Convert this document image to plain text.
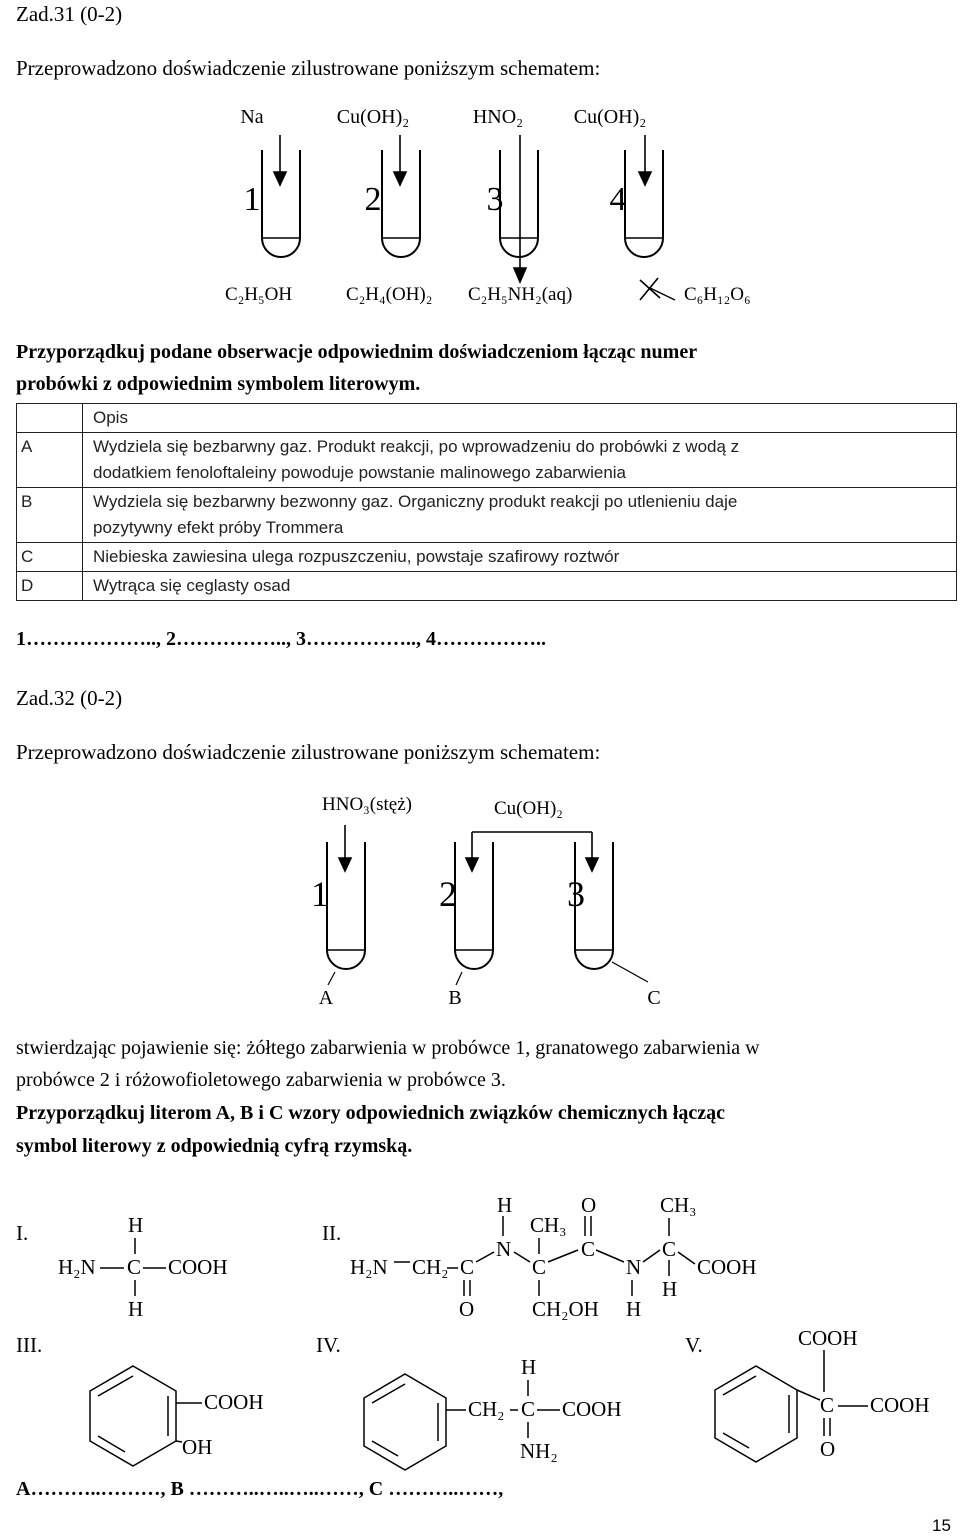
Zad.31 (0-2)
Przeprowadzono doświadczenie zilustrowane poniższym schematem:
Na	Cu(OH)₂	HNO₂	Cu(OH)₂
1	2	3	4
C₂H₅OH	C₂H₄(OH)₂ C₂H₅NH₂(aq)	C₆H₁₂O₆
Przyporządkuj podane obserwacje odpowiednim doświadczeniom łącząc numer
probówki z odpowiednim symbolem literowym.
	Opis
A	Wydziela się bezbarwny gaz. Produkt reakcji, po wprowadzeniu do probówki z wodą z
dodatkiem fenoloftaleiny powoduje powstanie malinowego zabarwienia

B	Wydziela się bezbarwny bezwonny gaz. Organiczny produkt reakcji po utlenieniu daje
pozytywny efekt próby Trommera

C	Niebieska zawiesina ulega rozpuszczeniu, powstaje szafirowy roztwór
D	Wytrąca się ceglasty osad
1……………….., 2…………….., 3…………….., 4……………..
Zad.32 (0-2)
Przeprowadzono doświadczenie zilustrowane poniższym schematem:
HNO₃(stęż)	Cu(OH)₂
1	2	3
A	B	C
stwierdzając pojawienie się: żółtego zabarwienia w probówce 1, granatowego zabarwienia w
probówce 2 i różowofioletowego zabarwienia w probówce 3.
Przyporządkuj literom A, B i C wzory odpowiednich związków chemicznych łącząc
symbol literowy z odpowiednią cyfrą rzymską.
I.	II.
III.	IV.	V.
H
H₂N C COOH
H
H₂N CH₂ C
O
H
N
CH₃
C
CH₂OH
O
C
N
H
CH₃
C
H
COOH
COOH
OH
H
CH₂ C COOH
NH₂
COOH
C COOH
O
A………..………, B ………..…..…..……, C ………..……,
15
